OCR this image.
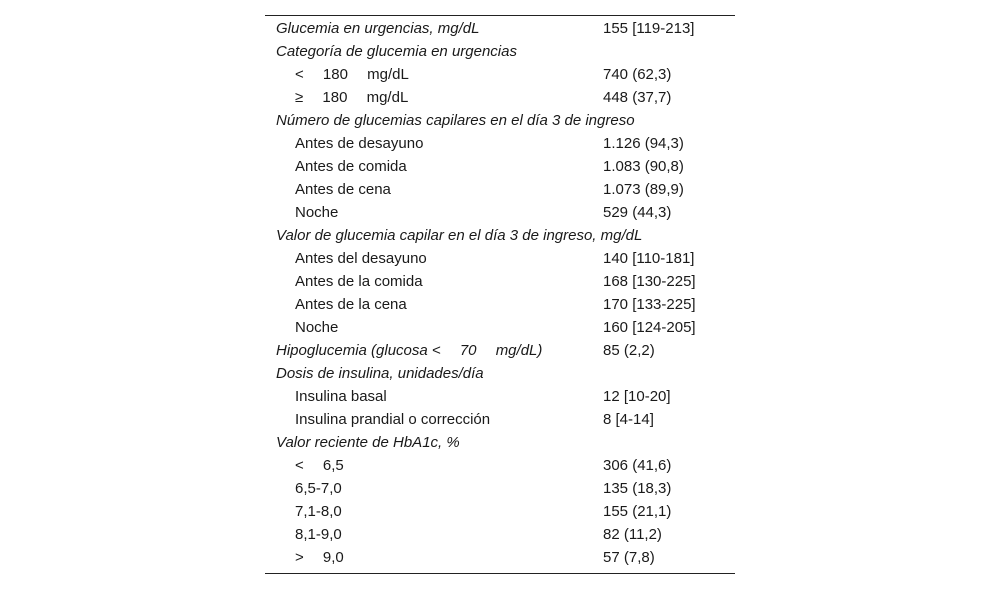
Glucemia en urgencias, mg/dL	155 [119-213]
Categoría de glucemia en urgencias
<  180  mg/dL	740 (62,3)
≥  180  mg/dL	448 (37,7)
Número de glucemias capilares en el día 3 de ingreso
Antes de desayuno	1.126 (94,3)
Antes de comida	1.083 (90,8)
Antes de cena	1.073 (89,9)
Noche	529 (44,3)
Valor de glucemia capilar en el día 3 de ingreso, mg/dL
Antes del desayuno	140 [110-181]
Antes de la comida	168 [130-225]
Antes de la cena	170 [133-225]
Noche	160 [124-205]
Hipoglucemia (glucosa <  70  mg/dL)	85 (2,2)
Dosis de insulina, unidades/día
Insulina basal	12 [10-20]
Insulina prandial o corrección	8 [4-14]
Valor reciente de HbA1c, %
<  6,5	306 (41,6)
6,5-7,0	135 (18,3)
7,1-8,0	155 (21,1)
8,1-9,0	82 (11,2)
>  9,0	57 (7,8)
